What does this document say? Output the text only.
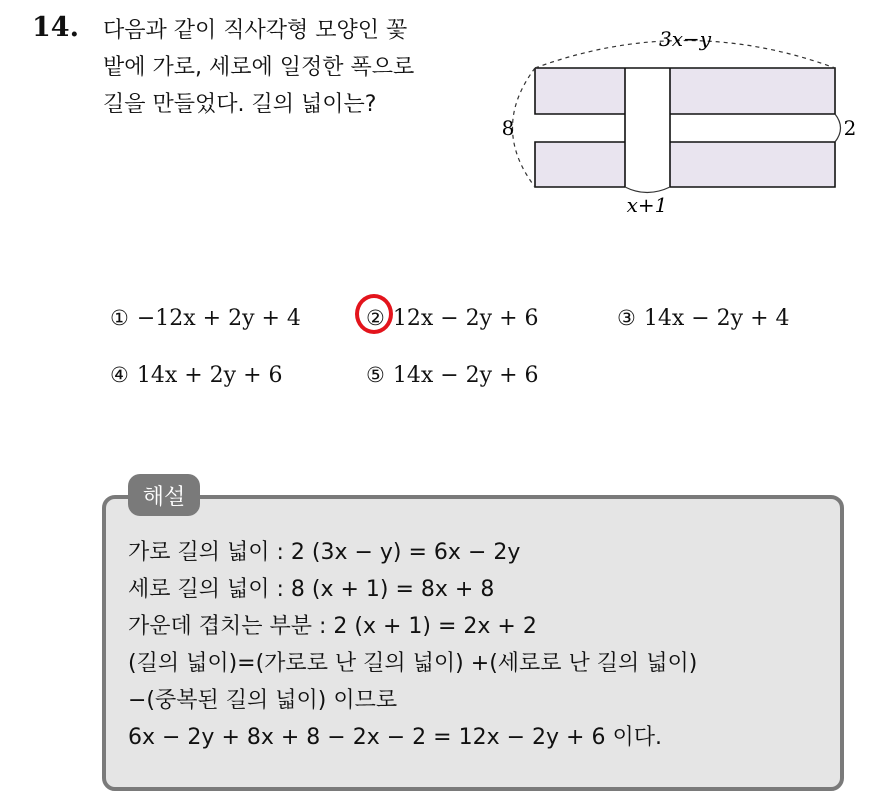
14. 다음과 같이 직사각형 모양인 꽃
밭에 가로, 세로에 일정한 폭으로
길을 만들었다. 길의 넓이는?
3x−y
8	2
x+1
① −12x + 2y + 4	② 12x − 2y + 6	③ 14x − 2y + 4
④ 14x + 2y + 6	⑤ 14x − 2y + 6
해설
가로 길의 넓이 : 2 (3x − y) = 6x − 2y
세로 길의 넓이 : 8 (x + 1) = 8x + 8
가운데 겹치는 부분 : 2 (x + 1) = 2x + 2
(길의 넓이)=(가로로 난 길의 넓이) +(세로로 난 길의 넓이)
−(중복된 길의 넓이) 이므로
6x − 2y + 8x + 8 − 2x − 2 = 12x − 2y + 6 이다.
